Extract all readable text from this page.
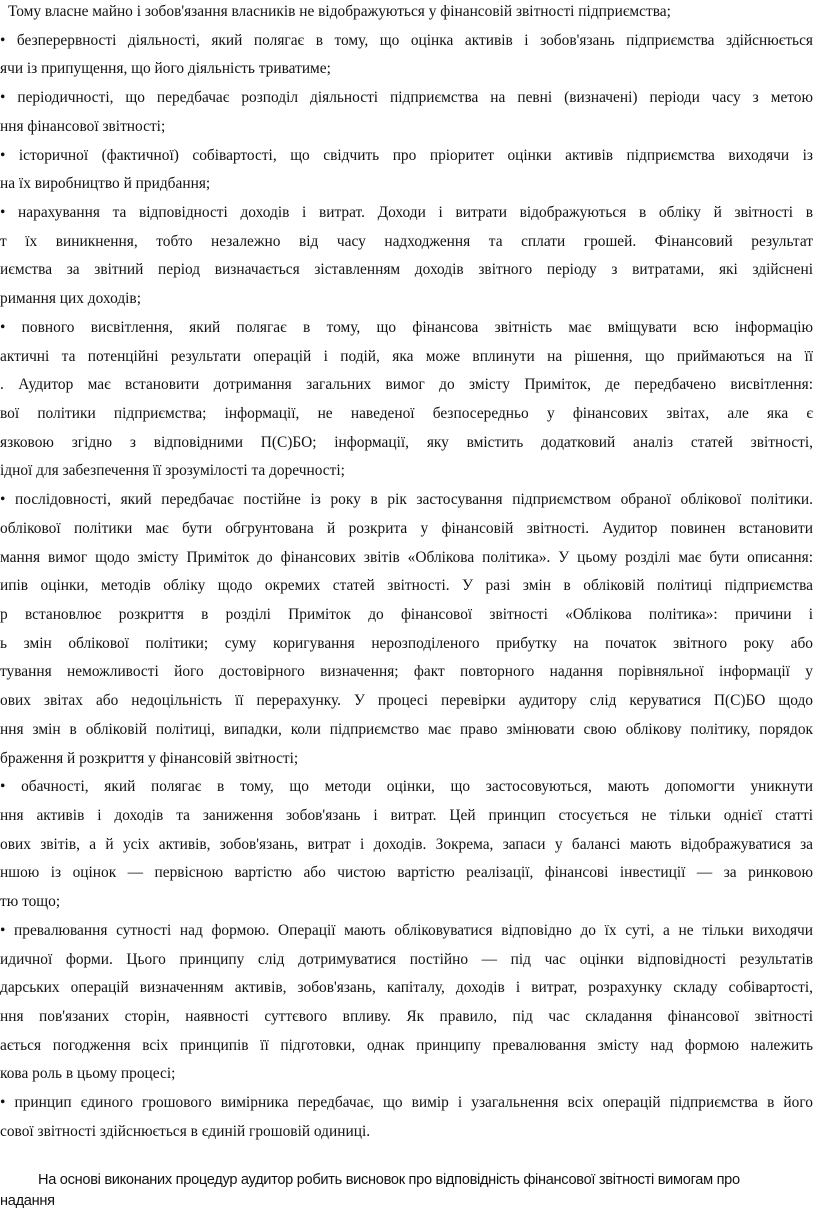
Тому власне майно і зобов'язання власників не відображуються у фінансовій звітності підприємства;
• безперервності діяльності, який полягає в тому, що оцінка активів і зобов'язань підприємства здійснюється
ячи із припущення, що його діяльність триватиме;
• періодичності, що передбачає розподіл діяльності підприємства на певні (визначені) періоди часу з метою
ння фінансової звітності;
• історичної (фактичної) собівартості, що свідчить про пріоритет оцінки активів підприємства виходячи із
на їх виробництво й придбання;
• нарахування та відповідності доходів і витрат. Доходи і витрати відображуються в обліку й звітності в
т їх виникнення, тобто незалежно від часу надходження та сплати грошей. Фінансовий результат
иємства за звітний період визначається зіставленням доходів звітного періоду з витратами, які здійснені
римання цих доходів;
• повного висвітлення, який полягає в тому, що фінансова звітність має вміщувати всю інформацію
актичні та потенційні результати операцій і подій, яка може вплинути на рішення, що приймаються на її
. Аудитор має встановити дотримання загальних вимог до змісту Приміток, де передбачено висвітлення:
вої політики підприємства; інформації, не наведеної безпосередньо у фінансових звітах, але яка є
язковою згідно з відповідними П(С)БО; інформації, яку вмістить додатковий аналіз статей звітності,
ідної для забезпечення її зрозумілості та доречності;
• послідовності, який передбачає постійне із року в рік застосування підприємством обраної облікової політики.
облікової політики має бути обгрунтована й розкрита у фінансовій звітності. Аудитор повинен встановити
мання вимог щодо змісту Приміток до фінансових звітів «Облікова політика». У цьому розділі має бути описання:
ипів оцінки, методів обліку щодо окремих статей звітності. У разі змін в обліковій політиці підприємства
р встановлює розкриття в розділі Приміток до фінансової звітності «Облікова політика»: причини і
ь змін облікової політики; суму коригування нерозподіленого прибутку на початок звітного року або
тування неможливості його достовірного визначення; факт повторного надання порівняльної інформації у
ових звітах або недоцільність її перерахунку. У процесі перевірки аудитору слід керуватися П(С)БО щодо
ння змін в обліковій політиці, випадки, коли підприємство має право змінювати свою облікову політику, порядок
браження й розкриття у фінансовій звітності;
• обачності, який полягає в тому, що методи оцінки, що застосовуються, мають допомогти уникнути
ння активів і доходів та заниження зобов'язань і витрат. Цей принцип стосується не тільки однієї статті
ових звітів, а й усіх активів, зобов'язань, витрат і доходів. Зокрема, запаси у балансі мають відображуватися за
ншою із оцінок — первісною вартістю або чистою вартістю реалізації, фінансові інвестиції — за ринковою
тю тощо;
• превалювання сутності над формою. Операції мають обліковуватися відповідно до їх суті, а не тільки виходячи
идичної форми. Цього принципу слід дотримуватися постійно — під час оцінки відповідності результатів
дарських операцій визначенням активів, зобов'язань, капіталу, доходів і витрат, розрахунку складу собівартості,
ння пов'язаних сторін, наявності суттєвого впливу. Як правило, під час складання фінансової звітності
ається погодження всіх принципів її підготовки, однак принципу превалювання змісту над формою належить
кова роль в цьому процесі;
• принцип єдиного грошового вимірника передбачає, що вимір і узагальнення всіх операцій підприємства в його
сової звітності здійснюється в єдиній грошовій одиниці.
На основі виконаних процедур аудитор робить висновок про відповідність фінансової звітності вимогам про
надання
